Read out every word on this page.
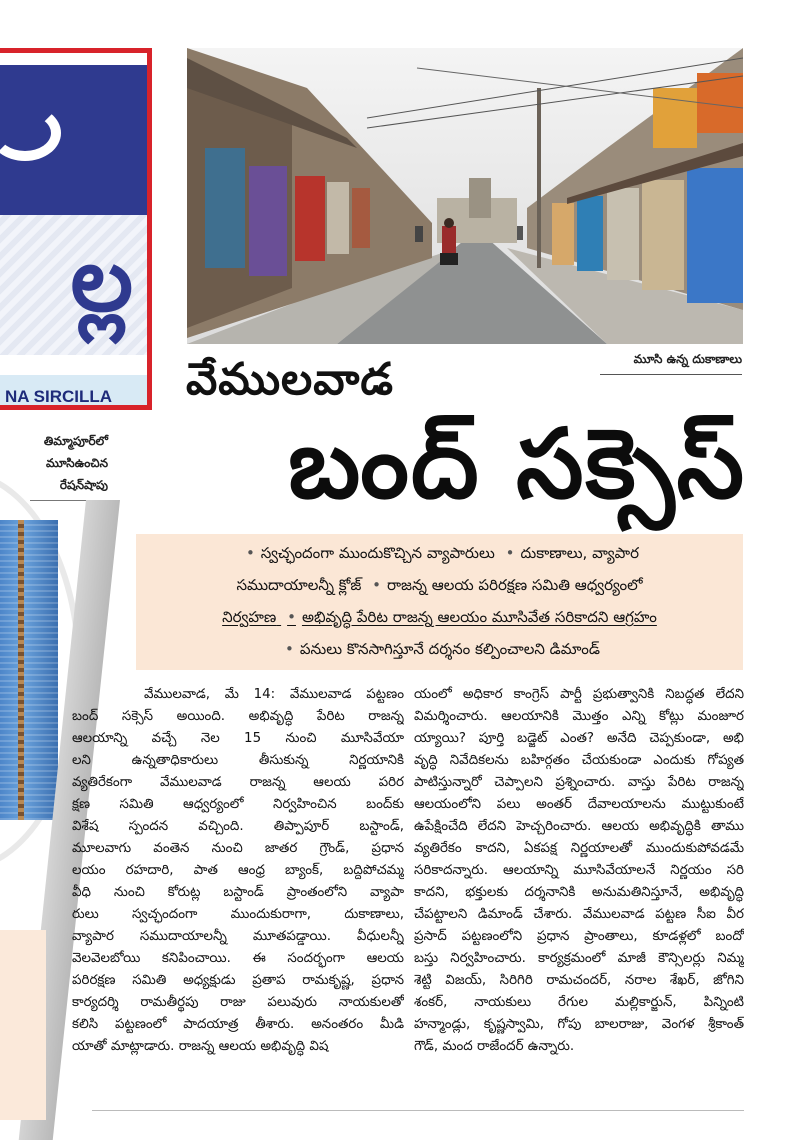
ల్ల
NA SIRCILLA
తిమ్మాపూర్‌లో
మూసిఉంచిన
రేషన్‌షాపు
మూసి ఉన్న దుకాణాలు
వేములవాడ
బంద్‌ సక్సెస్‌
• స్వచ్ఛందంగా ముందుకొచ్చిన వ్యాపారులు • దుకాణాలు, వ్యాపార
సముదాయాలన్నీ క్లోజ్‌ • రాజన్న ఆలయ పరిరక్షణ సమితి ఆధ్వర్యంలో
నిర్వహణ • అభివృద్ధి పేరిట రాజన్న ఆలయం మూసివేత సరికాదని ఆగ్రహం
• పనులు కొనసాగిస్తూనే దర్శనం కల్పించాలని డిమాండ్‌
వేములవాడ, మే 14: వేములవాడ పట్టణం
బంద్‌ సక్సెస్‌ అయింది. అభివృద్ధి పేరిట రాజన్న
ఆలయాన్ని వచ్చే నెల 15 నుంచి మూసివేయా
లని ఉన్నతాధికారులు తీసుకున్న నిర్ణయానికి
వ్యతిరేకంగా వేములవాడ రాజన్న ఆలయ పరిర
క్షణ సమితి ఆధ్వర్యంలో నిర్వహించిన బంద్‌కు
విశేష స్పందన వచ్చింది. తిప్పాపూర్‌ బస్టాండ్‌,
మూలవాగు వంతెన నుంచి జాతర గ్రౌండ్‌, ప్రధాన
లయం రహదారి, పాత ఆంధ్ర బ్యాంక్‌, బద్దిపోచమ్మ
వీధి నుంచి కోరుట్ల బస్టాండ్‌ ప్రాంతంలోని వ్యాపా
రులు స్వచ్ఛందంగా ముందుకురాగా, దుకాణాలు,
వ్యాపార సముదాయాలన్నీ మూతపడ్డాయి. వీధులన్నీ
వెలవెలబోయి కనిపించాయి. ఈ సందర్భంగా ఆలయ
పరిరక్షణ సమితి అధ్యక్షుడు ప్రతాప రామకృష్ణ, ప్రధాన
కార్యదర్శి రామతీర్థపు రాజు పలువురు నాయకులతో
కలిసి పట్టణంలో పాదయాత్ర తీశారు. అనంతరం మీడి
యాతో మాట్లాడారు. రాజన్న ఆలయ అభివృద్ధి విష
యంలో అధికార కాంగ్రెస్‌ పార్టీ ప్రభుత్వానికి నిబద్ధత లేదని
విమర్శించారు. ఆలయానికి మొత్తం ఎన్ని కోట్లు మంజూర
య్యాయి? పూర్తి బడ్జెట్‌ ఎంత? అనేది చెప్పకుండా, అభి
వృద్ధి నివేదికలను బహిర్గతం చేయకుండా ఎందుకు గోప్యత
పాటిస్తున్నారో చెప్పాలని ప్రశ్నించారు. వాస్తు పేరిట రాజన్న
ఆలయంలోని పలు అంతర్‌ దేవాలయాలను ముట్టుకుంటే
ఉపేక్షించేది లేదని హెచ్చరించారు. ఆలయ అభివృద్ధికి తాము
వ్యతిరేకం కాదని, ఏకపక్ష నిర్ణయాలతో ముందుకుపోవడమే
సరికాదన్నారు. ఆలయాన్ని మూసివేయాలనే నిర్ణయం సరి
కాదని, భక్తులకు దర్శనానికి అనుమతినిస్తూనే, అభివృద్ధి
చేపట్టాలని డిమాండ్‌ చేశారు. వేములవాడ పట్టణ సీఐ వీర
ప్రసాద్‌ పట్టణంలోని ప్రధాన ప్రాంతాలు, కూడళ్లలో బందో
బస్తు నిర్వహించారు. కార్యక్రమంలో మాజీ కౌన్సిలర్లు నిమ్మ
శెట్టి విజయ్‌, సిరిగిరి రామచందర్‌, నరాల శేఖర్‌, జోగిని
శంకర్‌, నాయకులు రేగుల మల్లికార్జున్‌, పిన్నింటి
హన్మాండ్లు, కృష్ణస్వామి, గోపు బాలరాజు, వెంగళ శ్రీకాంత్‌
గౌడ్‌, మంద రాజేందర్‌ ఉన్నారు.
